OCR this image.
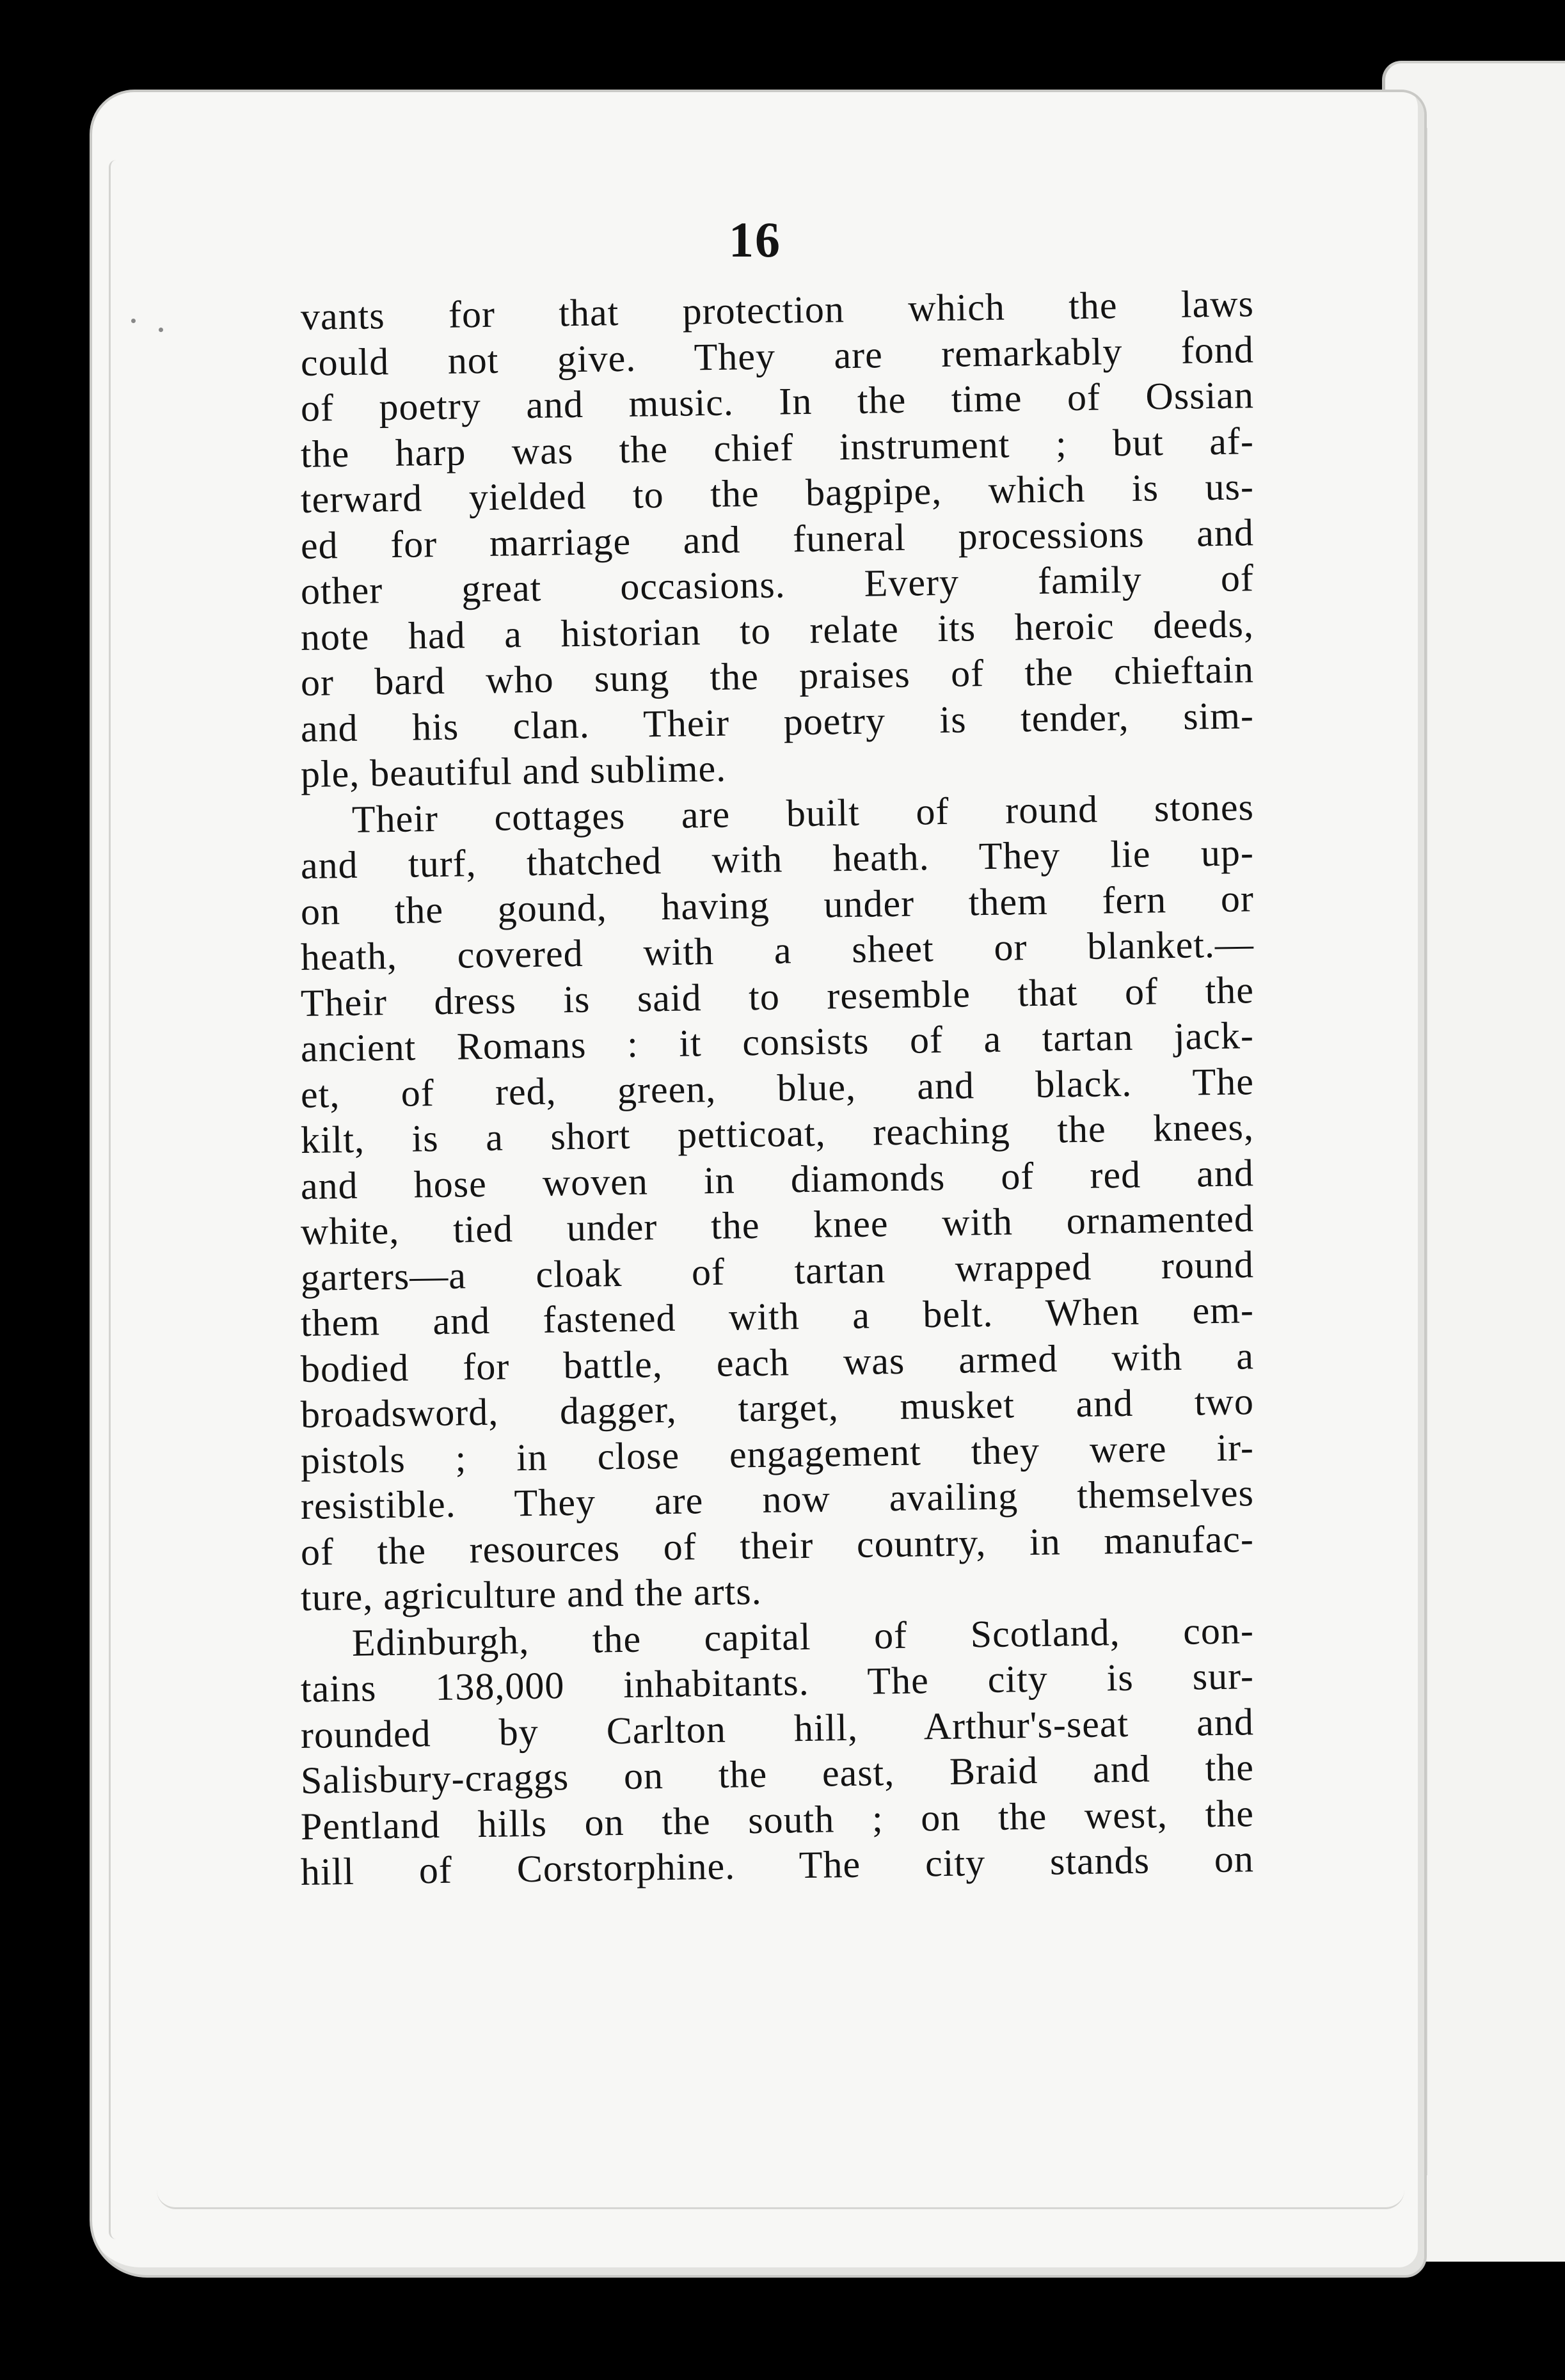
16
vants for that protection which the laws
could not give. They are remarkably fond
of poetry and music. In the time of Ossian
the harp was the chief instrument ; but af-
terward yielded to the bagpipe, which is us-
ed for marriage and funeral processions and
other great occasions. Every family of
note had a historian to relate its heroic deeds,
or bard who sung the praises of the chieftain
and his clan. Their poetry is tender, sim-
ple, beautiful and sublime.
Their cottages are built of round stones
and turf, thatched with heath. They lie up-
on the gound, having under them fern or
heath, covered with a sheet or blanket.—
Their dress is said to resemble that of the
ancient Romans : it consists of a tartan jack-
et, of red, green, blue, and black. The
kilt, is a short petticoat, reaching the knees,
and hose woven in diamonds of red and
white, tied under the knee with ornamented
garters—a cloak of tartan wrapped round
them and fastened with a belt. When em-
bodied for battle, each was armed with a
broadsword, dagger, target, musket and two
pistols ; in close engagement they were ir-
resistible. They are now availing themselves
of the resources of their country, in manufac-
ture, agriculture and the arts.
Edinburgh, the capital of Scotland, con-
tains 138,000 inhabitants. The city is sur-
rounded by Carlton hill, Arthur's-seat and
Salisbury-craggs on the east, Braid and the
Pentland hills on the south ; on the west, the
hill of Corstorphine. The city stands on
